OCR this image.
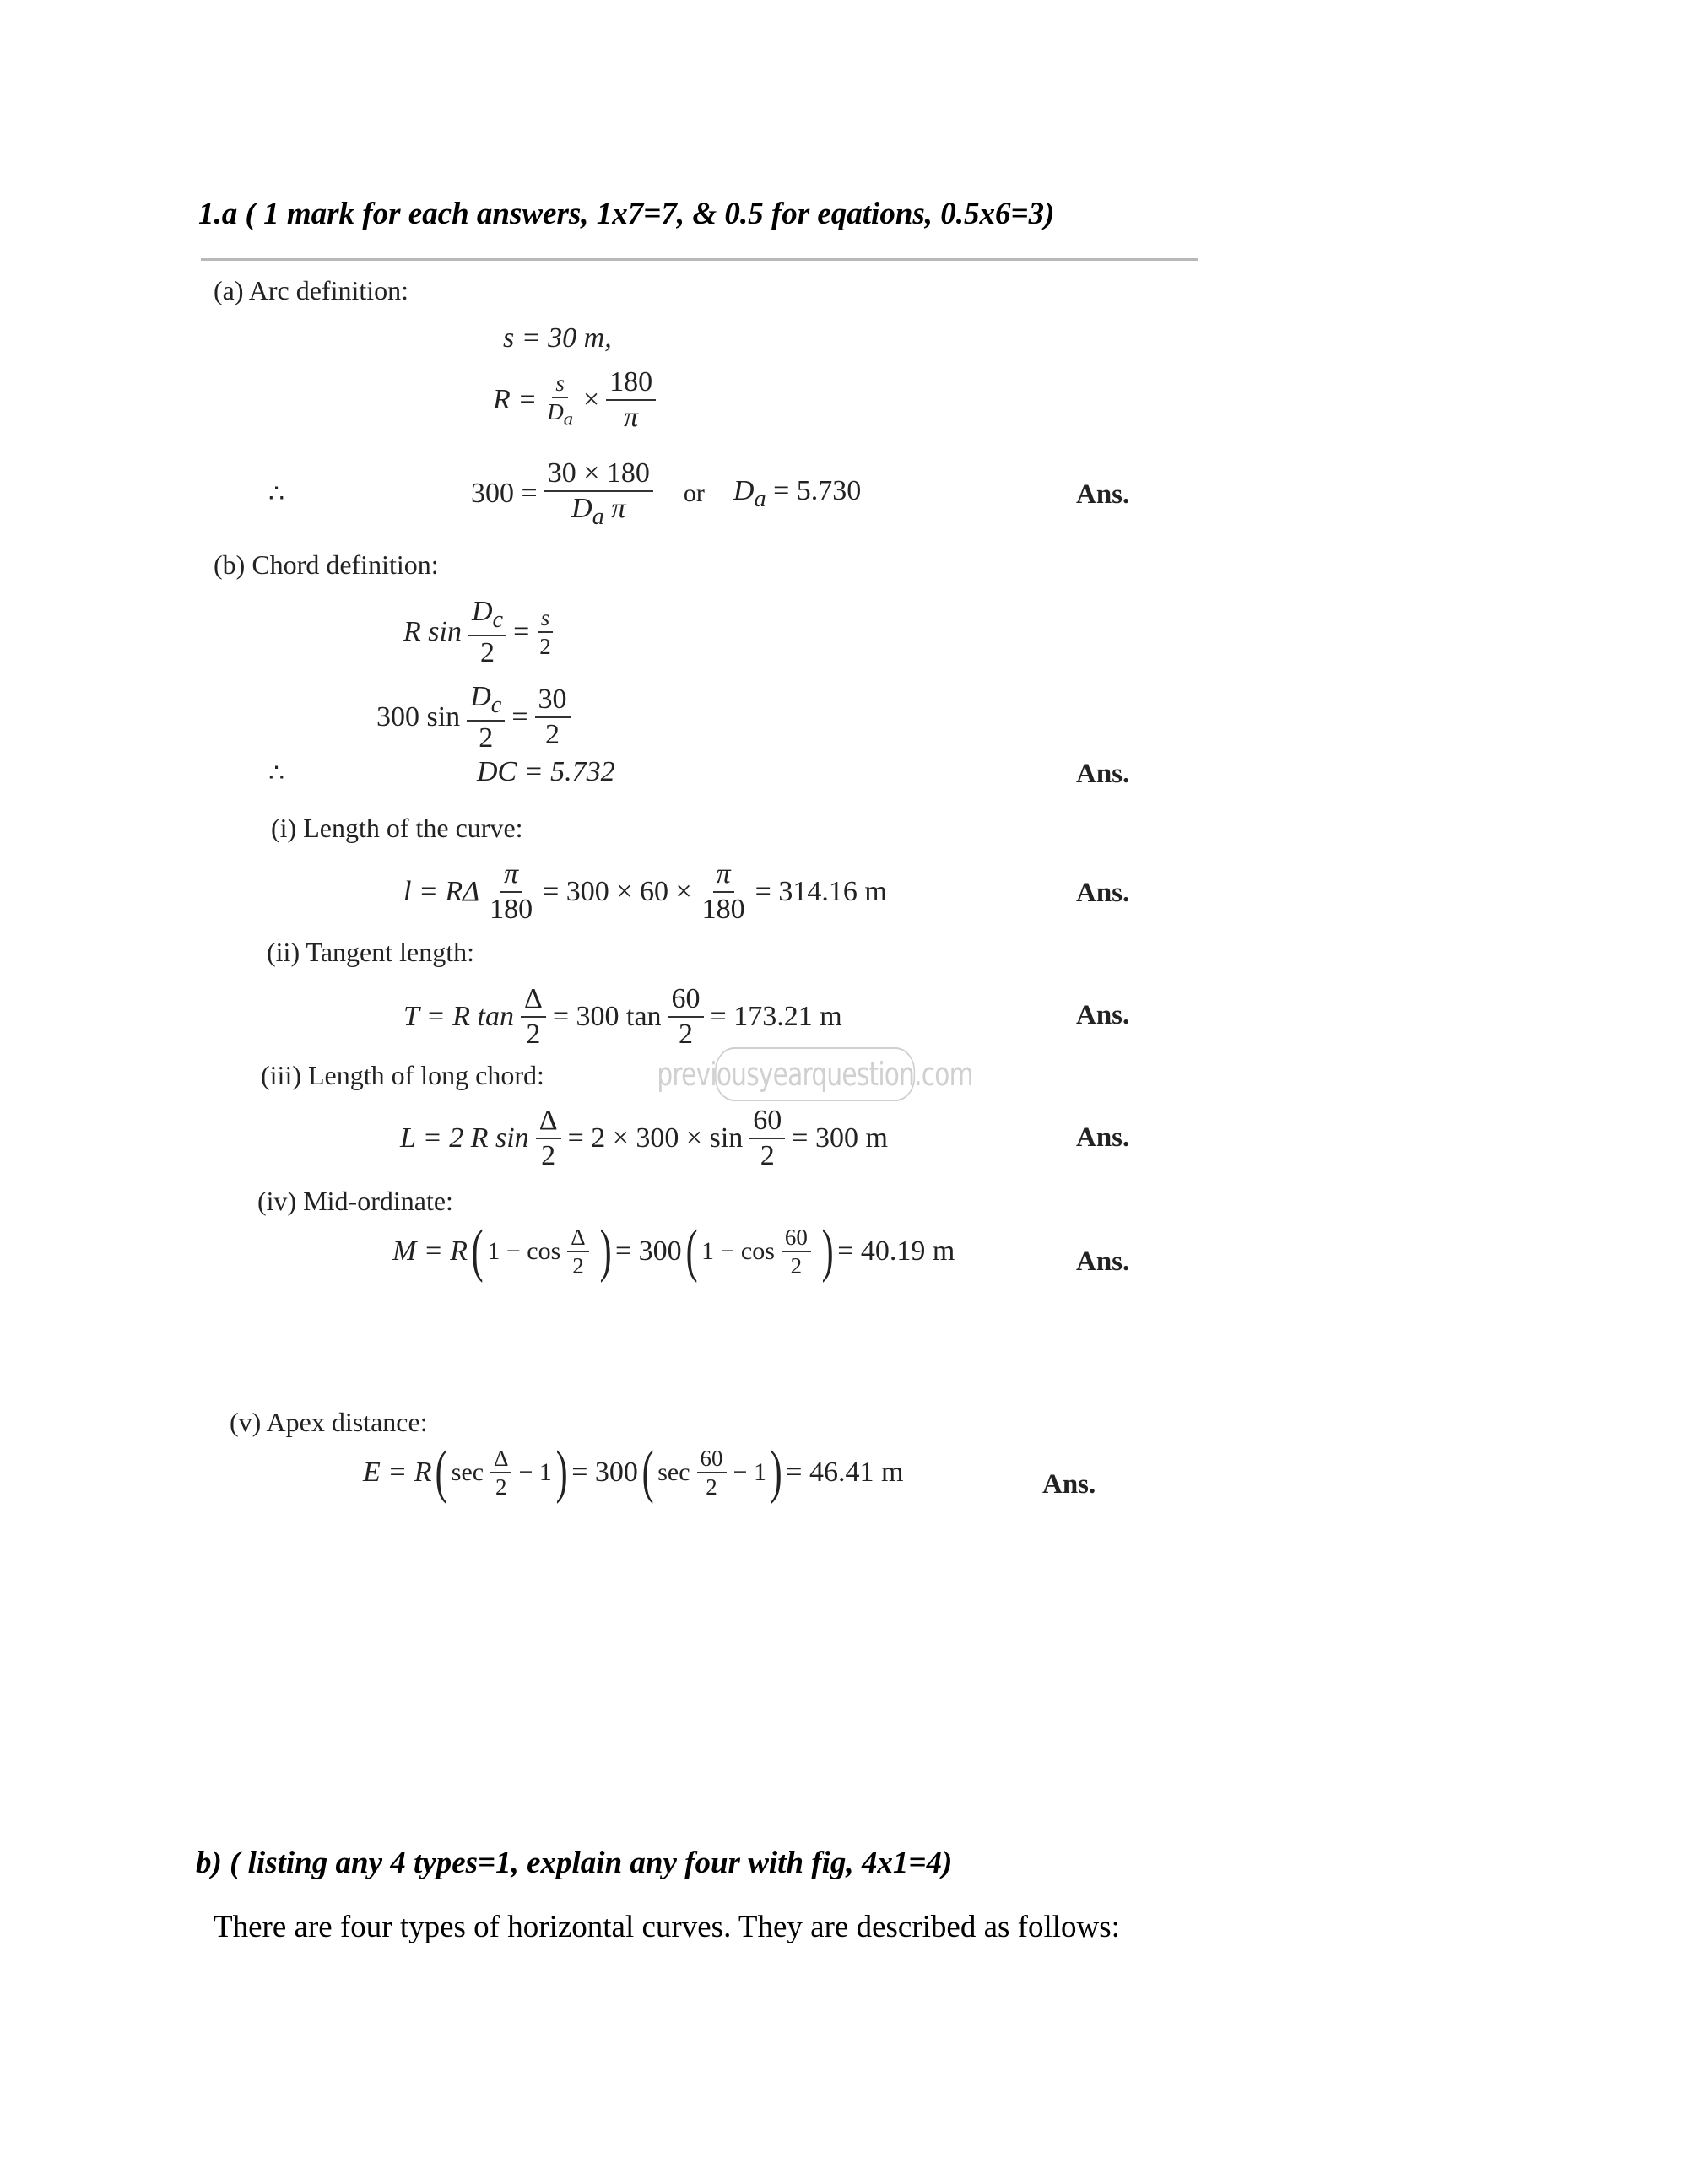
1.a ( 1 mark for each answers, 1x7=7, & 0.5 for eqations, 0.5x6=3)
(a) Arc definition:
s = 30 m,
$R = \frac{s}{D_a} \times \frac{180}{\pi}$
∴	$300 = \frac{30 \times 180}{D_a \pi}$ or $D_a = 5.730$	Ans.
(b) Chord definition:
R $\sin \frac{D_c}{2} = \frac{s}{2}$
300 $\sin \frac{D_c}{2} = \frac{30}{2}$
∴	DC = 5.732	Ans.
(i) Length of the curve:
l = RΔ $\frac{\pi}{180} = 300 \times 60 \times \frac{\pi}{180} = 314.16$ m	Ans.
(ii) Tangent length:
T = R $\tan \frac{\Delta}{2} = 300$ $\tan \frac{60}{2} = 173.21$ m	Ans.
(iii) Length of long chord:	previousyearquestion.com
L = 2 R $\sin \frac{\Delta}{2} = 2 \times 300 \times \sin \frac{60}{2} = 300$ m	Ans.
(iv) Mid-ordinate:
M = R ( $1 - \cos \frac{\Delta}{2}$ ) = 300 ( $1 - \cos \frac{60}{2}$ ) = 40.19 m	Ans.
(v) Apex distance:
E = R ( $\sec \frac{\Delta}{2} - 1$ ) = 300 ( $\sec \frac{60}{2} - 1$ ) = 46.41 m	Ans.
b) ( listing any 4 types=1, explain any four with fig, 4x1=4)
There are four types of horizontal curves. They are described as follows:
